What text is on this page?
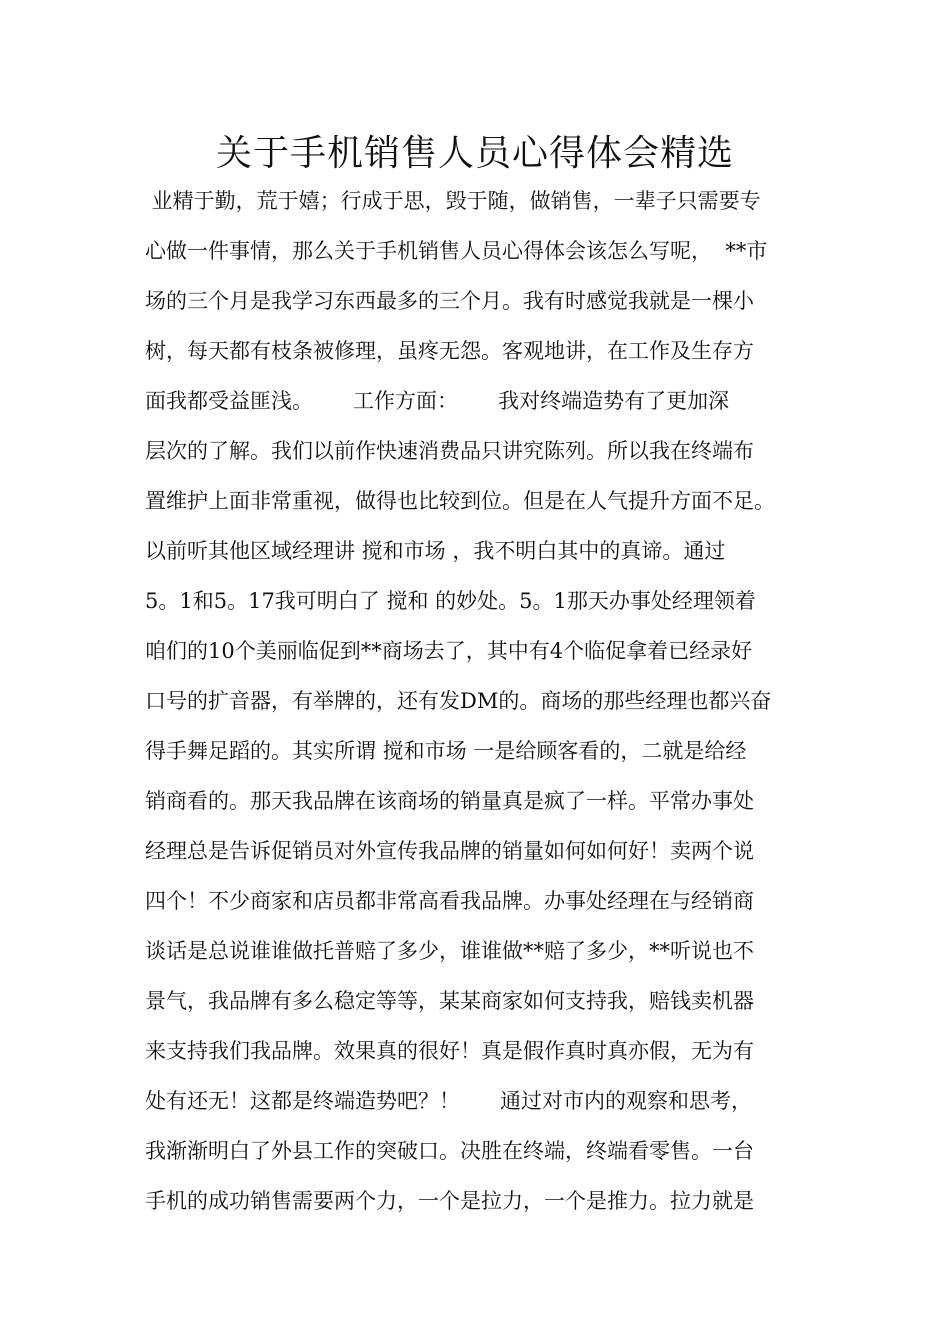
关于手机销售人员心得体会精选
业精于勤，荒于嬉；行成于思，毁于随，做销售，一辈子只需要专
心做一件事情，那么关于手机销售人员心得体会该怎么写呢，  **市
场的三个月是我学习东西最多的三个月。我有时感觉我就是一棵小
树，每天都有枝条被修理，虽疼无怨。客观地讲，在工作及生存方
面我都受益匪浅。      工作方面：      我对终端造势有了更加深
层次的了解。我们以前作快速消费品只讲究陈列。所以我在终端布
置维护上面非常重视，做得也比较到位。但是在人气提升方面不足。
以前听其他区域经理讲 搅和市场 ，我不明白其中的真谛。通过
5。1和5。17我可明白了 搅和 的妙处。5。1那天办事处经理领着
咱们的10个美丽临促到**商场去了，其中有4个临促拿着已经录好
口号的扩音器，有举牌的，还有发DM的。商场的那些经理也都兴奋
得手舞足蹈的。其实所谓 搅和市场 一是给顾客看的，二就是给经
销商看的。那天我品牌在该商场的销量真是疯了一样。平常办事处
经理总是告诉促销员对外宣传我品牌的销量如何如何好！卖两个说
四个！不少商家和店员都非常高看我品牌。办事处经理在与经销商
谈话是总说谁谁做托普赔了多少，谁谁做**赔了多少，**听说也不
景气，我品牌有多么稳定等等，某某商家如何支持我，赔钱卖机器
来支持我们我品牌。效果真的很好！真是假作真时真亦假，无为有
处有还无！这都是终端造势吧？！      通过对市内的观察和思考，
我渐渐明白了外县工作的突破口。决胜在终端，终端看零售。一台
手机的成功销售需要两个力，一个是拉力，一个是推力。拉力就是
